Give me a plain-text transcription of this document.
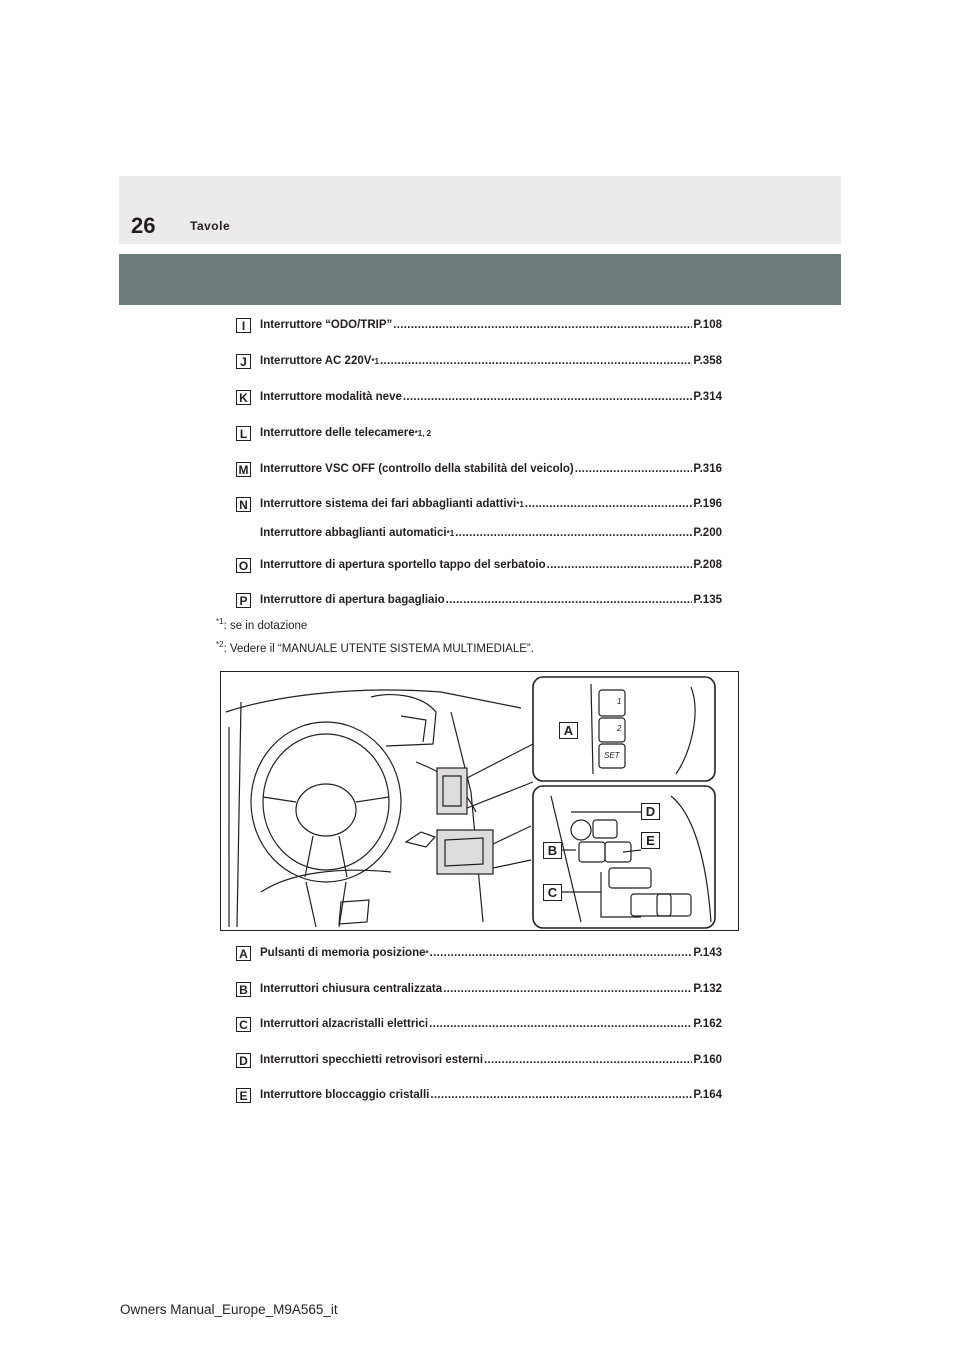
26	Tavole
I	Interruttore “ODO/TRIP” .....	P.108
J	Interruttore AC 220V *1 .....	P.358
K Interruttore modalità neve .....	P.314
L	Interruttore delle telecamere *1, 2
M Interruttore VSC OFF (controllo della stabilità del veicolo) .....	P.316
N Interruttore sistema dei fari abbaglianti adattivi *1 .....	P.196
Interruttore abbaglianti automatici *1 .....	P.200
O Interruttore di apertura sportello tappo del serbatoio .....	P.208
P	Interruttore di apertura bagagliaio .....	P.135
$^{*1}$: se in dotazione
$^{*2}$: Vedere il “MANUALE UTENTE SISTEMA MULTIMEDIALE”.
1
2
SET
A
B
C
D
E
A Pulsanti di memoria posizione * .....	P.143
B Interruttori chiusura centralizzata .....	P.132
C Interruttori alzacristalli elettrici .....	P.162
D Interruttori specchietti retrovisori esterni .....	P.160
E	Interruttore bloccaggio cristalli .....	P.164
Owners Manual_Europe_M9A565_it
